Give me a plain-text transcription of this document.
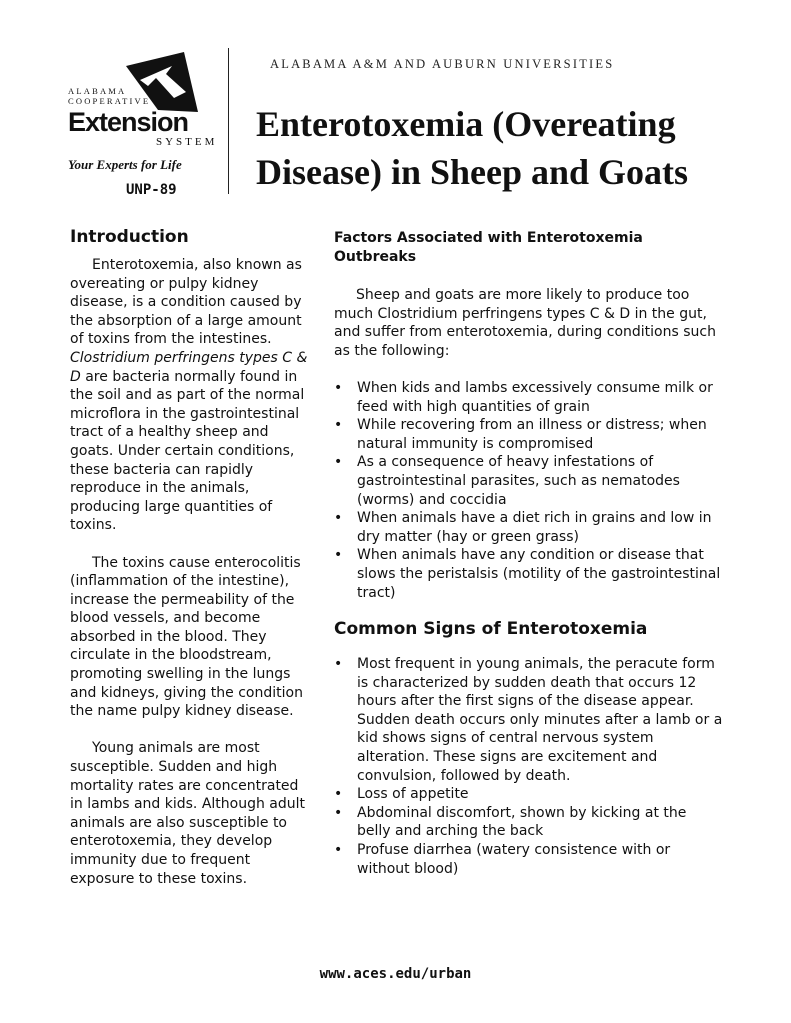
ALABAMA
COOPERATIVE
Extension
SYSTEM
Your Experts for Life
UNP-89
ALABAMA A&M AND AUBURN UNIVERSITIES
Enterotoxemia (Overeating Disease) in Sheep and Goats
Introduction

Enterotoxemia, also known as overeating or pulpy kidney disease, is a condition caused by the absorption of a large amount of toxins from the intestines. Clostridium perfringens types C & D are bacteria normally found in the soil and as part of the normal microflora in the gastrointestinal tract of a healthy sheep and goats. Under certain conditions, these bacteria can rapidly reproduce in the animals, producing large quantities of toxins.

The toxins cause enterocolitis (inflammation of the intestine), increase the permeability of the blood vessels, and become absorbed in the blood. They circulate in the bloodstream, promoting swelling in the lungs and kidneys, giving the condition the name pulpy kidney disease.

Young animals are most susceptible. Sudden and high mortality rates are concentrated in lambs and kids. Although adult animals are also susceptible to enterotoxemia, they develop immunity due to frequent exposure to these toxins.

Factors Associated with Enterotoxemia Outbreaks

Sheep and goats are more likely to produce too much Clostridium perfringens types C & D in the gut, and suffer from enterotoxemia, during conditions such as the following:

• When kids and lambs excessively consume milk or feed with high quantities of grain
• While recovering from an illness or distress; when natural immunity is compromised
• As a consequence of heavy infestations of gastrointestinal parasites, such as nematodes (worms) and coccidia
• When animals have a diet rich in grains and low in dry matter (hay or green grass)
• When animals have any condition or disease that slows the peristalsis (motility of the gastrointestinal tract)
Common Signs of Enterotoxemia
• Most frequent in young animals, the peracute form is characterized by sudden death that occurs 12 hours after the first signs of the disease appear. Sudden death occurs only minutes after a lamb or a kid shows signs of central nervous system alteration. These signs are excitement and convulsion, followed by death.
• Loss of appetite
• Abdominal discomfort, shown by kicking at the belly and arching the back
• Profuse diarrhea (watery consistence with or without blood)
www.aces.edu/urban
